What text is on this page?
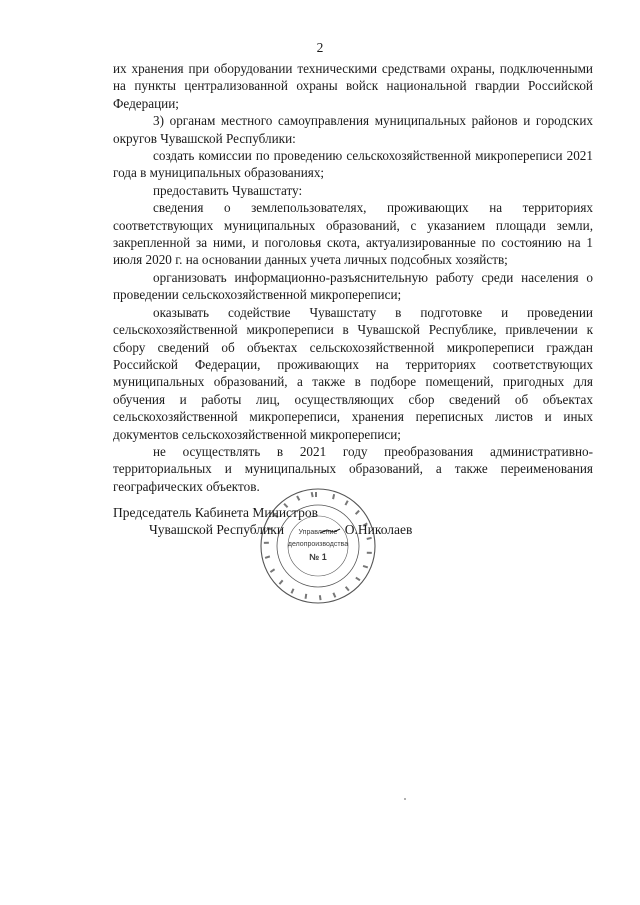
2

их хранения при оборудовании техническими средствами охраны, подключенными на пункты централизованной охраны войск национальной гвардии Российской Федерации;

3) органам местного самоуправления муниципальных районов и городских округов Чувашской Республики:

создать комиссии по проведению сельскохозяйственной микропереписи 2021 года в муниципальных образованиях;

предоставить Чувашстату:

сведения о землепользователях, проживающих на территориях соответствующих муниципальных образований, с указанием площади земли, закрепленной за ними, и поголовья скота, актуализированные по состоянию на 1 июля 2020 г. на основании данных учета личных подсобных хозяйств;

организовать информационно-разъяснительную работу среди населения о проведении сельскохозяйственной микропереписи;

оказывать содействие Чувашстату в подготовке и проведении сельскохозяйственной микропереписи в Чувашской Республике, привлечении к сбору сведений об объектах сельскохозяйственной микропереписи граждан Российской Федерации, проживающих на территориях соответствующих муниципальных образований, а также в подборе помещений, пригодных для обучения и работы лиц, осуществляющих сбор сведений об объектах сельскохозяйственной микропереписи, хранения переписных листов и иных документов сельскохозяйственной микропереписи;

не осуществлять в 2021 году преобразования административно-территориальных и муниципальных образований, а также переименования географических объектов.

Управление
делопроизводства
№ 1
Председатель Кабинета Министров
Чувашской Республики	О.Николаев
